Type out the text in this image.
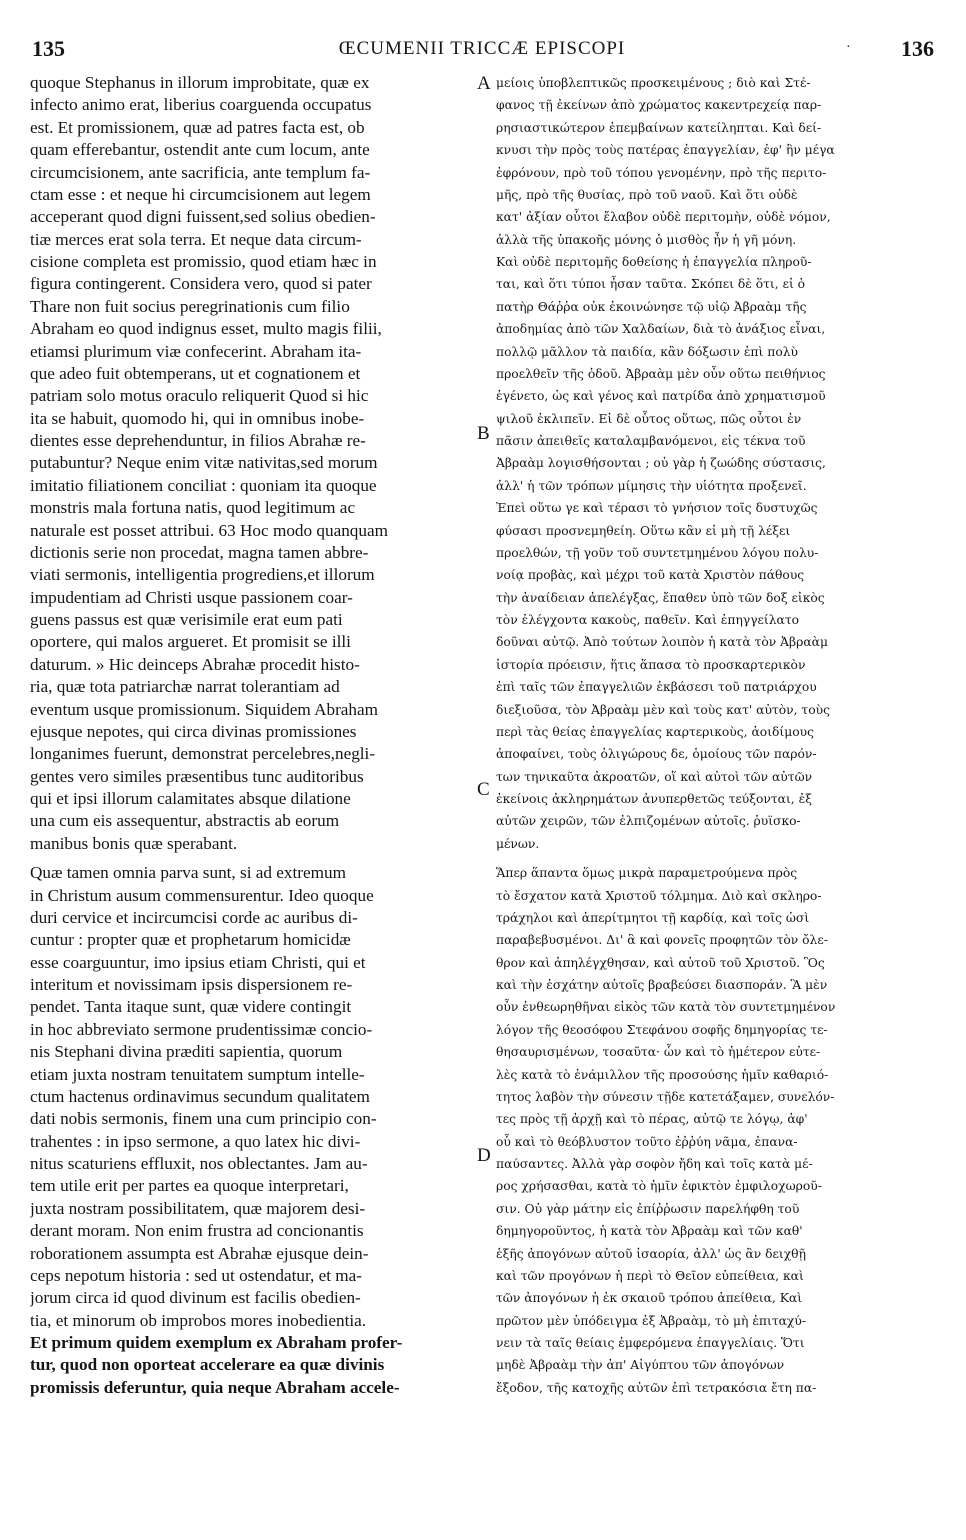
135	ŒCUMENII TRICCÆ EPISCOPI	· 136
A
B
C
D
quoque Stephanus in illorum improbitate, quæ ex
infecto animo erat, liberius coarguenda occupatus
est. Et promissionem, quæ ad patres facta est, ob
quam efferebantur, ostendit ante cum locum, ante
circumcisionem, ante sacrificia, ante templum fa-
ctam esse : et neque hi circumcisionem aut legem
acceperant quod digni fuissent,sed solius obedien-
tiæ merces erat sola terra. Et neque data circum-
cisione completa est promissio, quod etiam hæc in
figura contingerent. Considera vero, quod si pater
Thare non fuit socius peregrinationis cum filio
Abraham eo quod indignus esset, multo magis filii,
etiamsi plurimum viæ confecerint. Abraham ita-
que adeo fuit obtemperans, ut et cognationem et
patriam solo motus oraculo reliquerit Quod si hic
ita se habuit, quomodo hi, qui in omnibus inobe-
dientes esse deprehenduntur, in filios Abrahæ re-
putabuntur? Neque enim vitæ nativitas,sed morum
imitatio filiationem conciliat : quoniam ita quoque
monstris mala fortuna natis, quod legitimum ac
naturale est posset attribui. 63 Hoc modo quanquam
dictionis serie non procedat, magna tamen abbre-
viati sermonis, intelligentia progrediens,et illorum
impudentiam ad Christi usque passionem coar-
guens passus est quæ verisimile erat eum pati
oportere, qui malos argueret. Et promisit se illi
daturum. » Hic deinceps Abrahæ procedit histo-
ria, quæ tota patriarchæ narrat tolerantiam ad
eventum usque promissionum. Siquidem Abraham
ejusque nepotes, qui circa divinas promissiones
longanimes fuerunt, demonstrat percelebres,negli-
gentes vero similes præsentibus tunc auditoribus
qui et ipsi illorum calamitates absque dilatione
una cum eis assequentur, abstractis ab eorum
manibus bonis quæ sperabant.
Quæ tamen omnia parva sunt, si ad extremum
in Christum ausum commensurentur. Ideo quoque
duri cervice et incircumcisi corde ac auribus di-
cuntur : propter quæ et prophetarum homicidæ
esse coarguuntur, imo ipsius etiam Christi, qui et
interitum et novissimam ipsis dispersionem re-
pendet. Tanta itaque sunt, quæ videre contingit
in hoc abbreviato sermone prudentissimæ concio-
nis Stephani divina præditi sapientia, quorum
etiam juxta nostram tenuitatem sumptum intelle-
ctum hactenus ordinavimus secundum qualitatem
dati nobis sermonis, finem una cum principio con-
trahentes : in ipso sermone, a quo latex hic divi-
nitus scaturiens effluxit, nos oblectantes. Jam au-
tem utile erit per partes ea quoque interpretari,
juxta nostram possibilitatem, quæ majorem desi-
derant moram. Non enim frustra ad concionantis
roborationem assumpta est Abrahæ ejusque dein-
ceps nepotum historia : sed ut ostendatur, et ma-
jorum circa id quod divinum est facilis obedien-
tia, et minorum ob improbos mores inobedientia.
Et primum quidem exemplum ex Abraham profer-
tur, quod non oporteat accelerare ea quæ divinis
promissis deferuntur, quia neque Abraham accele-
μείοις ὑποβλεπτικῶς προσκειμένους ; διὸ καὶ Στέ-
φανος τῇ ἐκείνων ἀπὸ χρώματος κακεντρεχείᾳ παρ-
ρησιαστικώτερον ἐπεμβαίνων κατείληπται. Καὶ δεί-
κνυσι τὴν πρὸς τοὺς πατέρας ἐπαγγελίαν, ἐφ' ἣν μέγα
ἐφρόνουν, πρὸ τοῦ τόπου γενομένην, πρὸ τῆς περιτο-
μῆς, πρὸ τῆς θυσίας, πρὸ τοῦ ναοῦ. Καὶ ὅτι οὐδὲ
κατ' ἀξίαν οὗτοι ἔλαβον οὐδὲ περιτομὴν, οὐδὲ νόμον,
ἀλλὰ τῆς ὑπακοῆς μόνης ὁ μισθὸς ἦν ἡ γῆ μόνη.
Καὶ οὐδὲ περιτομῆς δοθείσης ἡ ἐπαγγελία πληροῦ-
ται, καὶ ὅτι τύποι ἦσαν ταῦτα. Σκόπει δὲ ὅτι, εἰ ὁ
πατὴρ Θάῤῥα οὐκ ἐκοινώνησε τῷ υἱῷ Ἀβραὰμ τῆς
ἀποδημίας ἀπὸ τῶν Χαλδαίων, διὰ τὸ ἀνάξιος εἶναι,
πολλῷ μᾶλλον τὰ παιδία, κἂν δόξωσιν ἐπὶ πολὺ
προελθεῖν τῆς ὁδοῦ. Ἀβραὰμ μὲν οὖν οὕτω πειθήνιος
ἐγένετο, ὡς καὶ γένος καὶ πατρίδα ἀπὸ χρηματισμοῦ
ψιλοῦ ἐκλιπεῖν. Εἰ δὲ οὗτος οὕτως, πῶς οὗτοι ἐν
πᾶσιν ἀπειθεῖς καταλαμβανόμενοι, εἰς τέκνα τοῦ
Ἀβραὰμ λογισθήσονται ; οὐ γὰρ ἡ ζωώδης σύστασις,
ἀλλ' ἡ τῶν τρόπων μίμησις τὴν υἱότητα προξενεῖ.
Ἐπεὶ οὕτω γε καὶ τέρασι τὸ γνήσιον τοῖς δυστυχῶς
φύσασι προσνεμηθείη. Οὕτω κἂν εἰ μὴ τῇ λέξει
προελθών, τῇ γοῦν τοῦ συντετμημένου λόγου πολυ-
νοίᾳ προβὰς, καὶ μέχρι τοῦ κατὰ Χριστὸν πάθους
τὴν ἀναίδειαν ἀπελέγξας, ἔπαθεν ὑπὸ τῶν δοξ εἰκὸς
τὸν ἐλέγχοντα κακοὺς, παθεῖν. Καὶ ἐπηγγείλατο
δοῦναι αὐτῷ. Ἀπὸ τούτων λοιπὸν ἡ κατὰ τὸν Ἀβραὰμ
ἱστορία πρόεισιν, ἥτις ἅπασα τὸ προσκαρτερικὸν
ἐπὶ ταῖς τῶν ἐπαγγελιῶν ἐκβάσεσι τοῦ πατριάρχου
διεξιοῦσα, τὸν Ἀβραὰμ μὲν καὶ τοὺς κατ' αὐτὸν, τοὺς
περὶ τὰς θείας ἐπαγγελίας καρτερικοὺς, ἀοιδίμους
ἀποφαίνει, τοὺς ὀλιγώρους δε, ὁμοίους τῶν παρόν-
των τηνικαῦτα ἀκροατῶν, οἵ καὶ αὐτοὶ τῶν αὐτῶν
ἐκείνοις ἀκληρημάτων ἀνυπερθετῶς τεύξονται, ἐξ
αὐτῶν χειρῶν, τῶν ἐλπιζομένων αὐτοῖς. ῥυϊσκο-
μένων.
Ἅπερ ἅπαντα ὅμως μικρὰ παραμετρούμενα πρὸς
τὸ ἔσχατον κατὰ Χριστοῦ τόλμημα. Διὸ καὶ σκληρο-
τράχηλοι καὶ ἀπερίτμητοι τῇ καρδίᾳ, καὶ τοῖς ὠσὶ
παραβεβυσμένοι. Δι' ἃ καὶ φονεῖς προφητῶν τὸν ὄλε-
θρον καὶ ἀπηλέγχθησαν, καὶ αὐτοῦ τοῦ Χριστοῦ. Ὃς
καὶ τὴν ἐσχάτην αὐτοῖς βραβεύσει διασποράν. Ἃ μὲν
οὖν ἐνθεωρηθῆναι εἰκὸς τῶν κατὰ τὸν συντετμημένον
λόγον τῆς θεοσόφου Στεφάνου σοφῆς δημηγορίας τε-
θησαυρισμένων, τοσαῦτα· ὧν καὶ τὸ ἡμέτερον εὐτε-
λὲς κατὰ τὸ ἐνάμιλλον τῆς προσούσης ἡμῖν καθαριό-
τητος λαβὸν τὴν σύνεσιν τῇδε κατετάξαμεν, συνελόν-
τες πρὸς τῇ ἀρχῇ καὶ τὸ πέρας, αὐτῷ τε λόγῳ, ἀφ'
οὗ καὶ τὸ θεόβλυστον τοῦτο ἐῤῥύη νᾶμα, ἐπανα-
παύσαντες. Ἀλλὰ γὰρ σοφὸν ἤδη καὶ τοῖς κατὰ μέ-
ρος χρήσασθαι, κατὰ τὸ ἡμῖν ἐφικτὸν ἐμφιλοχωροῦ-
σιν. Οὐ γὰρ μάτην εἰς ἐπίῤῥωσιν παρελήφθη τοῦ
δημηγοροῦντος, ἡ κατὰ τὸν Ἀβραὰμ καὶ τῶν καθ'
ἑξῆς ἀπογόνων αὐτοῦ ἱσαορία, ἀλλ' ὡς ἂν δειχθῇ
καὶ τῶν προγόνων ἡ περὶ τὸ Θεῖον εὐπείθεια, καὶ
τῶν ἀπογόνων ἡ ἐκ σκαιοῦ τρόπου ἀπείθεια, Καὶ
πρῶτον μὲν ὑπόδειγμα ἐξ Ἀβραὰμ, τὸ μὴ ἐπιταχύ-
νειν τὰ ταῖς θείαις ἐμφερόμενα ἐπαγγελίαις. Ὅτι
μηδὲ Ἀβραὰμ τὴν ἀπ' Αἰγύπτου τῶν ἀπογόνων
ἔξοδον, τῆς κατοχῆς αὐτῶν ἐπὶ τετρακόσια ἔτη πα-
